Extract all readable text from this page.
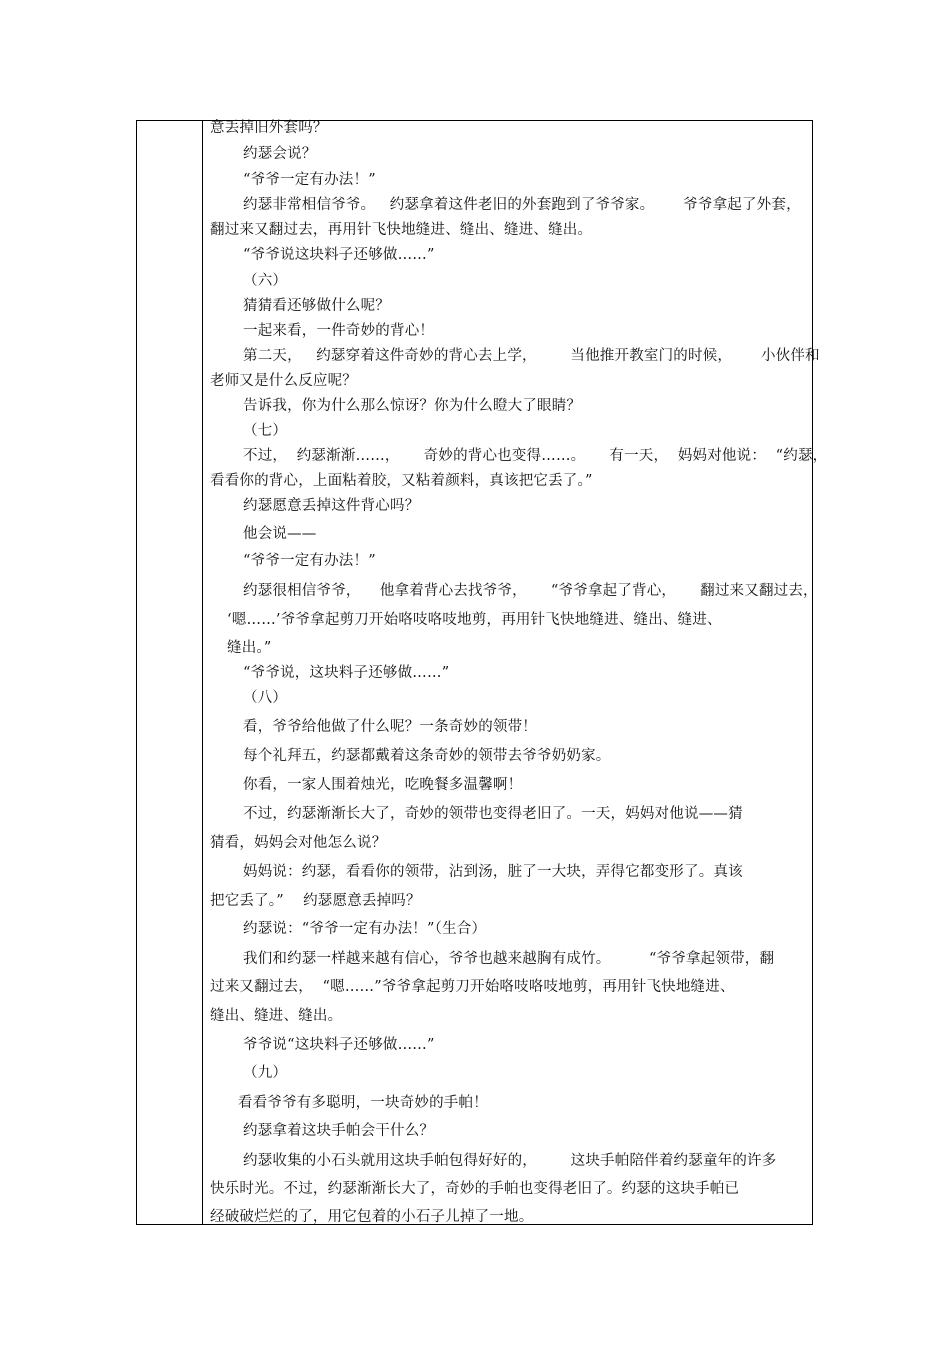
意丢掉旧外套吗？
约瑟会说？
“爷爷一定有办法！”
约瑟非常相信爷爷。   约瑟拿着这件老旧的外套跑到了爷爷家。      爷爷拿起了外套，
翻过来又翻过去，再用针飞快地缝进、缝出、缝进、缝出。
“爷爷说这块料子还够做……”
（六）
猜猜看还够做什么呢？
一起来看，一件奇妙的背心！
第二天，   约瑟穿着这件奇妙的背心去上学，       当他推开教室门的时候，      小伙伴和
老师又是什么反应呢？
告诉我，你为什么那么惊讶？你为什么瞪大了眼睛？
（七）
不过，  约瑟渐渐……，     奇妙的背心也变得……。     有一天，  妈妈对他说：  “约瑟，
看看你的背心，上面粘着胶，又粘着颜料，真该把它丢了。”
约瑟愿意丢掉这件背心吗？
他会说——
“爷爷一定有办法！”
约瑟很相信爷爷，    他拿着背心去找爷爷，     “爷爷拿起了背心，     翻过来又翻过去，
‘嗯……’爷爷拿起剪刀开始咯吱咯吱地剪，再用针飞快地缝进、缝出、缝进、
缝出。”
“爷爷说，这块料子还够做……”
（八）
看，爷爷给他做了什么呢？一条奇妙的领带！
每个礼拜五，约瑟都戴着这条奇妙的领带去爷爷奶奶家。
你看，一家人围着烛光，吃晚餐多温馨啊！
不过，约瑟渐渐长大了，奇妙的领带也变得老旧了。一天，妈妈对他说——猜
猜看，妈妈会对他怎么说？
妈妈说：约瑟，看看你的领带，沾到汤，脏了一大块，弄得它都变形了。真该
把它丢了。”    约瑟愿意丢掉吗？
约瑟说：“爷爷一定有办法！”（生合）
我们和约瑟一样越来越有信心，爷爷也越来越胸有成竹。        “爷爷拿起领带，翻
过来又翻过去，  “嗯……”爷爷拿起剪刀开始咯吱咯吱地剪，再用针飞快地缝进、
缝出、缝进、缝出。
爷爷说“这块料子还够做……”
（九）
看看爷爷有多聪明，一块奇妙的手帕！
约瑟拿着这块手帕会干什么？
约瑟收集的小石头就用这块手帕包得好好的，       这块手帕陪伴着约瑟童年的许多
快乐时光。不过，约瑟渐渐长大了，奇妙的手帕也变得老旧了。约瑟的这块手帕已
经破破烂烂的了，用它包着的小石子儿掉了一地。
